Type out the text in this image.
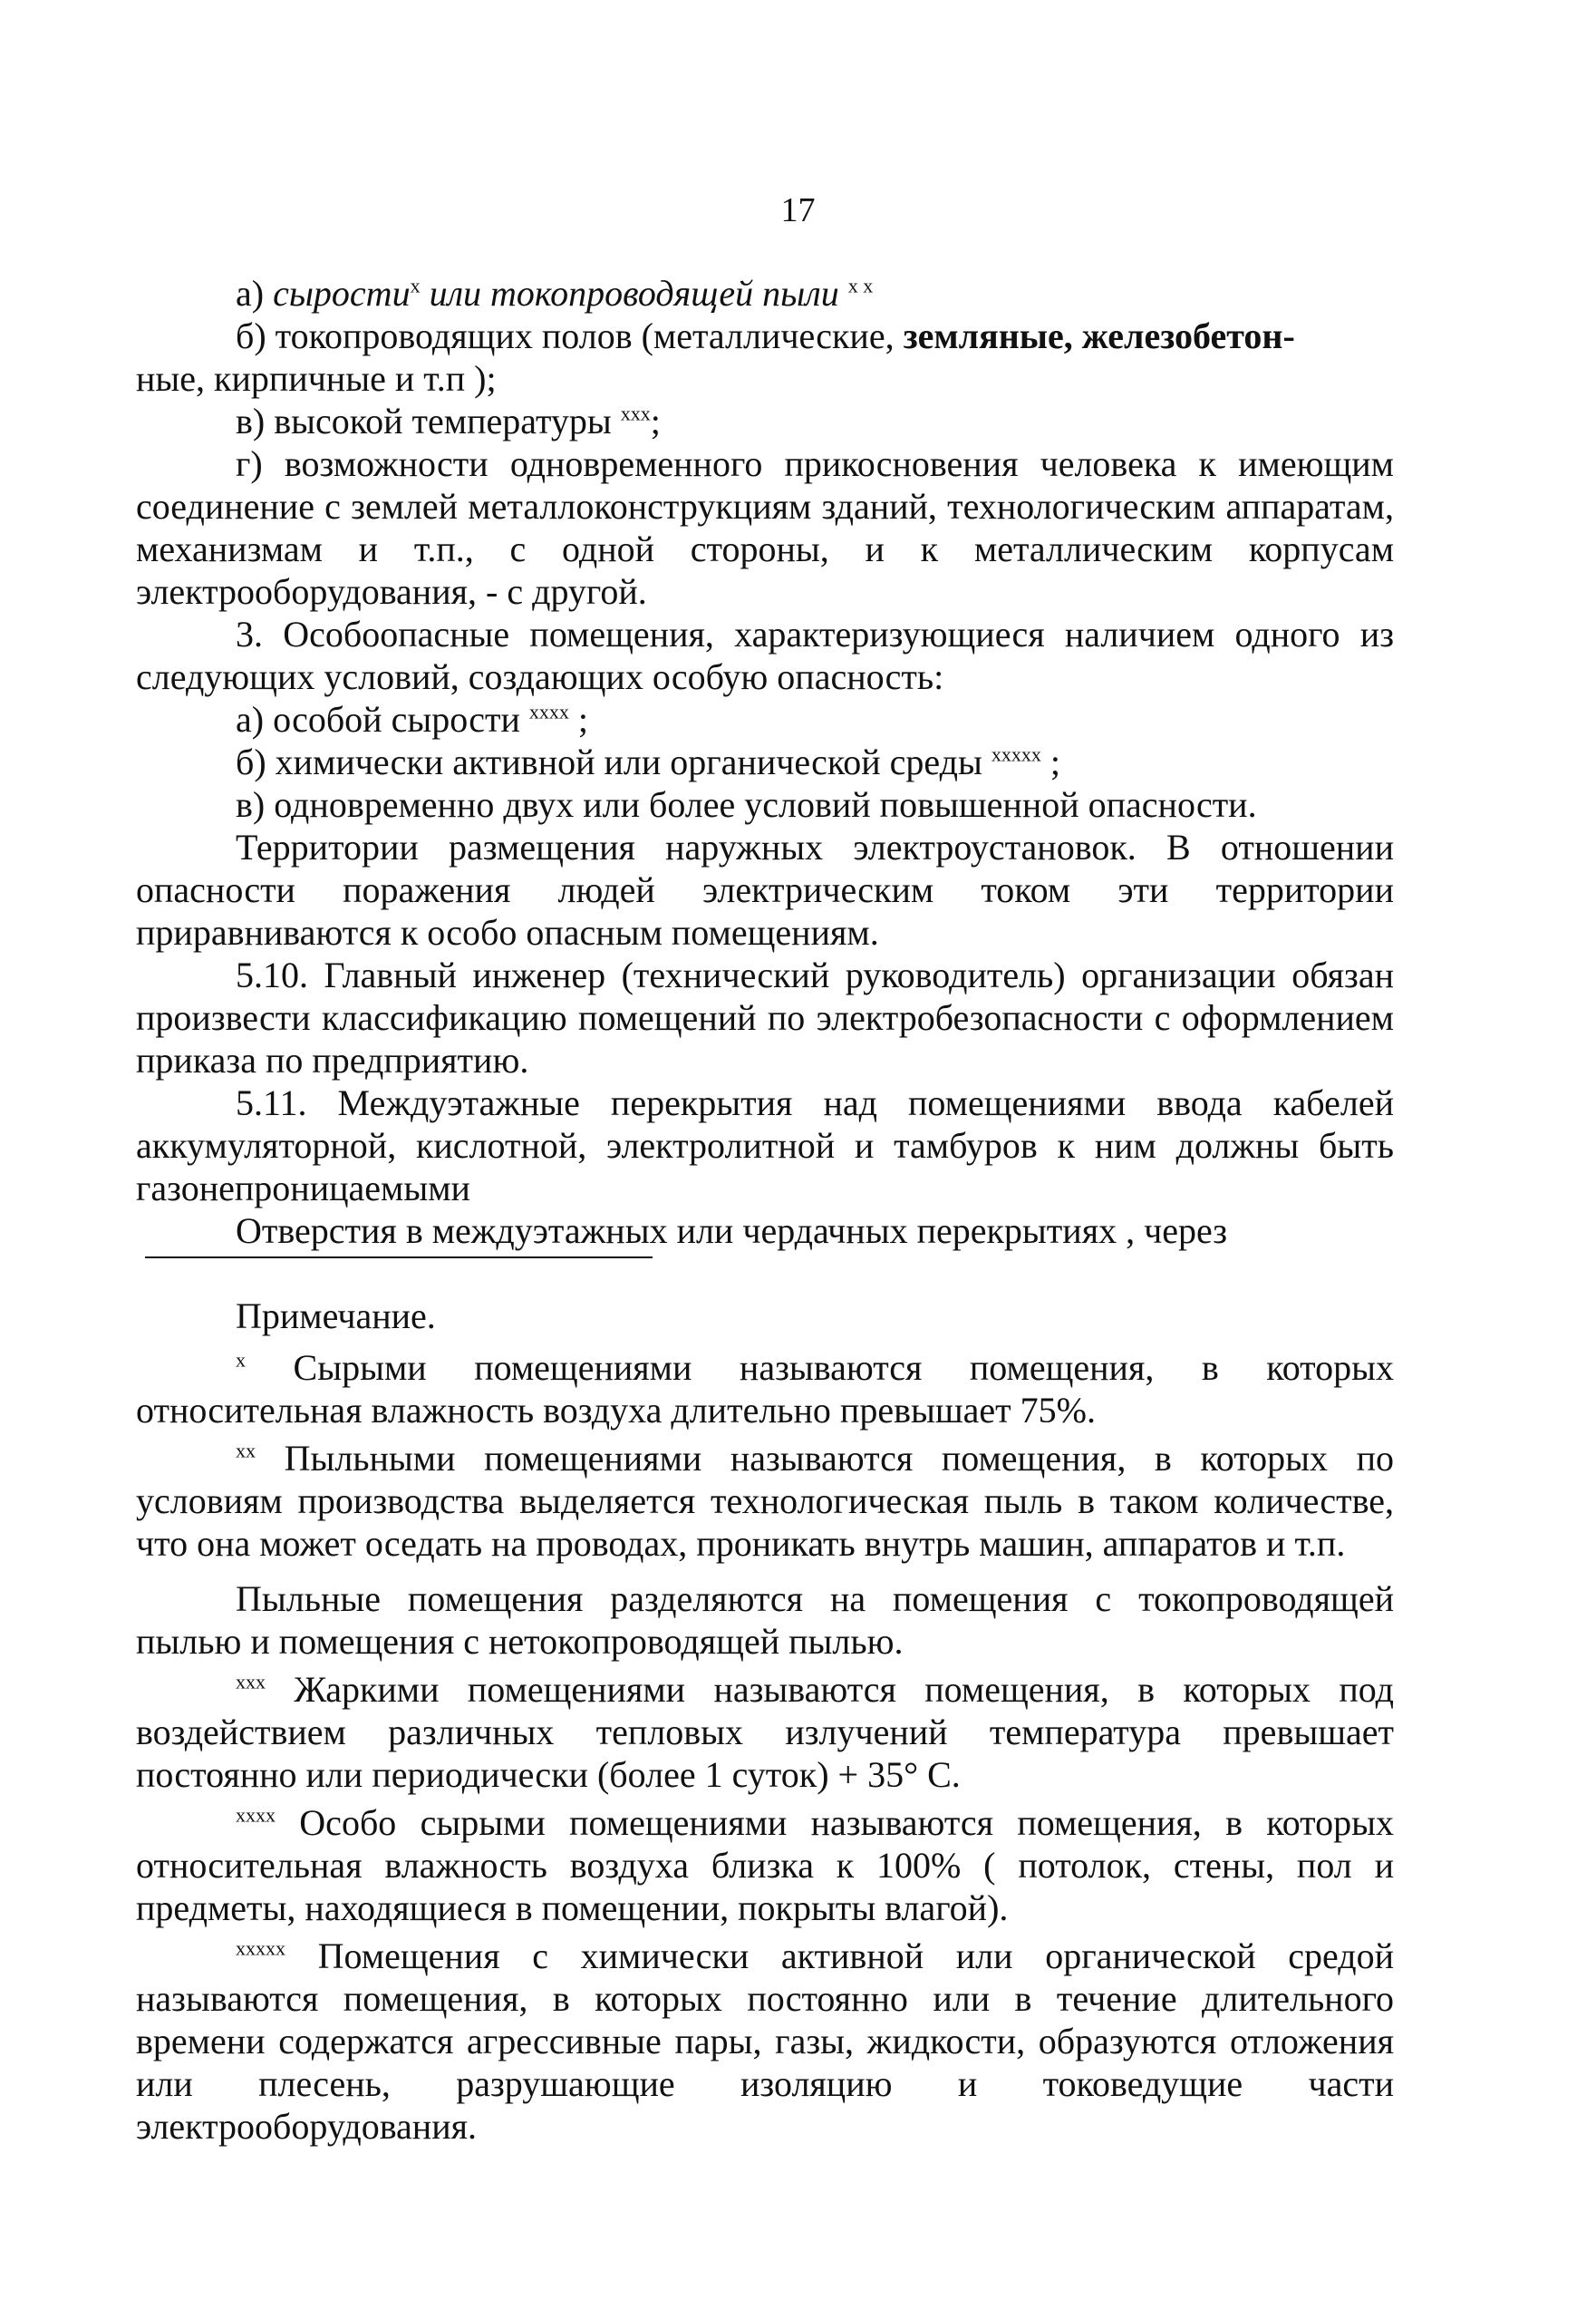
17

а) сырости$^х$ или токопроводящей пыли $^{х х}$

б) токопроводящих полов (металлические, земляные, железобетон-

ные, кирпичные и т.п );

в) высокой температуры $^{ххх}$;

г) возможности одновременного прикосновения человека к имеющим соединение с землей металлоконструкциям зданий, технологическим аппаратам, механизмам и т.п., с одной стороны, и к металлическим корпусам электрооборудования, - с другой.

3. Особоопасные помещения, характеризующиеся наличием одного из следующих условий, создающих особую опасность:

а) особой сырости $^{хххх}$ ;

б) химически активной или органической среды $^{ххххх}$ ;

в) одновременно двух или более условий повышенной опасности.

Территории размещения наружных электроустановок. В отношении опасности поражения людей электрическим током эти территории приравниваются к особо опасным помещениям.

5.10. Главный инженер (технический руководитель) организации обязан произвести классификацию помещений по электробезопасности с оформлением приказа по предприятию.

5.11. Междуэтажные перекрытия над помещениями ввода кабелей аккумуляторной, кислотной, электролитной и тамбуров к ним должны быть газонепроницаемыми

Отверстия в междуэтажных или чердачных перекрытиях , через

Примечание.

$^х$ Сырыми помещениями называются помещения, в которых относительная влажность воздуха длительно превышает 75%.

$^{хх}$ Пыльными помещениями называются помещения, в которых по условиям производства выделяется технологическая пыль в таком количестве, что она может оседать на проводах, проникать внутрь машин, аппаратов и т.п.

Пыльные помещения разделяются на помещения с токопроводящей пылью и помещения с нетокопроводящей пылью.

$^{ххх}$ Жаркими помещениями называются помещения, в которых под воздействием различных тепловых излучений температура превышает постоянно или периодически (более 1 суток) + 35° С.

$^{хххх}$ Особо сырыми помещениями называются помещения, в которых относительная влажность воздуха близка к 100% ( потолок, стены, пол и предметы, находящиеся в помещении, покрыты влагой).

$^{ххххх}$ Помещения с химически активной или органической средой называются помещения, в которых постоянно или в течение длительного времени содержатся агрессивные пары, газы, жидкости, образуются отложения или плесень, разрушающие изоляцию и токоведущие части электрооборудования.
